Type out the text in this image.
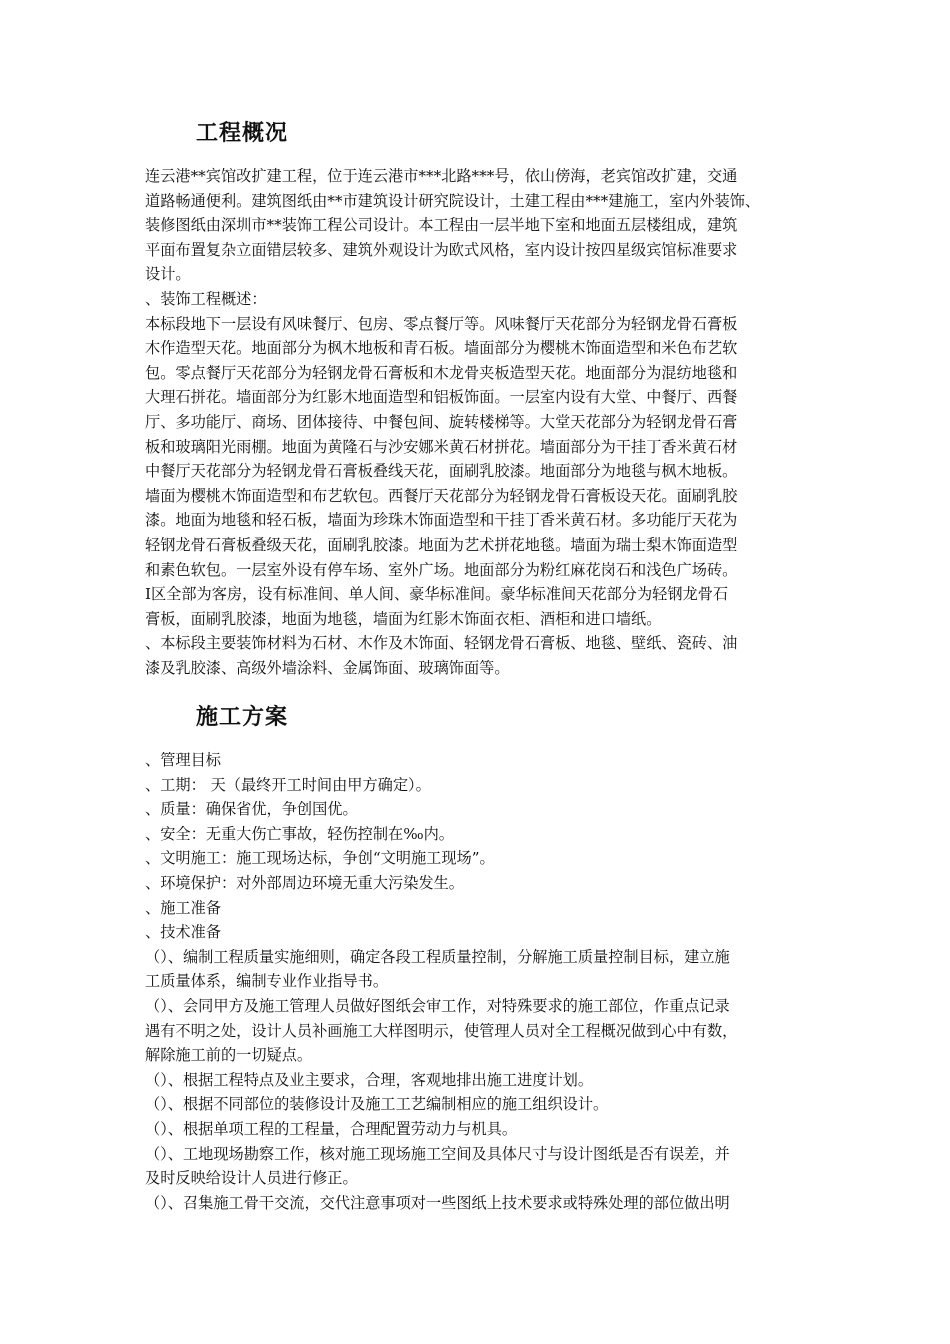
工程概况
连云港**宾馆改扩建工程，位于连云港市***北路***号，依山傍海，老宾馆改扩建，交通
道路畅通便利。建筑图纸由**市建筑设计研究院设计，土建工程由***建施工，室内外装饰、
装修图纸由深圳市**装饰工程公司设计。本工程由一层半地下室和地面五层楼组成，建筑
平面布置复杂立面错层较多、建筑外观设计为欧式风格，室内设计按四星级宾馆标准要求
设计。
、装饰工程概述：
本标段地下一层设有风味餐厅、包房、零点餐厅等。风味餐厅天花部分为轻钢龙骨石膏板
木作造型天花。地面部分为枫木地板和青石板。墙面部分为樱桃木饰面造型和米色布艺软
包。零点餐厅天花部分为轻钢龙骨石膏板和木龙骨夹板造型天花。地面部分为混纺地毯和
大理石拼花。墙面部分为红影木地面造型和铝板饰面。一层室内设有大堂、中餐厅、西餐
厅、多功能厅、商场、团体接待、中餐包间、旋转楼梯等。大堂天花部分为轻钢龙骨石膏
板和玻璃阳光雨棚。地面为黄隆石与沙安娜米黄石材拼花。墙面部分为干挂丁香米黄石材
中餐厅天花部分为轻钢龙骨石膏板叠线天花，面刷乳胶漆。地面部分为地毯与枫木地板。
墙面为樱桃木饰面造型和布艺软包。西餐厅天花部分为轻钢龙骨石膏板设天花。面刷乳胶
漆。地面为地毯和轻石板，墙面为珍珠木饰面造型和干挂丁香米黄石材。多功能厅天花为
轻钢龙骨石膏板叠级天花，面刷乳胶漆。地面为艺术拼花地毯。墙面为瑞士梨木饰面造型
和素色软包。一层室外设有停车场、室外广场。地面部分为粉红麻花岗石和浅色广场砖。
Ⅰ区全部为客房，设有标准间、单人间、豪华标准间。豪华标准间天花部分为轻钢龙骨石
膏板，面刷乳胶漆，地面为地毯，墙面为红影木饰面衣柜、酒柜和进口墙纸。
、本标段主要装饰材料为石材、木作及木饰面、轻钢龙骨石膏板、地毯、壁纸、瓷砖、油
漆及乳胶漆、高级外墙涂料、金属饰面、玻璃饰面等。
施工方案
、管理目标
、工期： 天（最终开工时间由甲方确定）。
、质量：确保省优，争创国优。
、安全：无重大伤亡事故，轻伤控制在‰内。
、文明施工：施工现场达标，争创“文明施工现场”。
、环境保护：对外部周边环境无重大污染发生。
、施工准备
、技术准备
（）、编制工程质量实施细则，确定各段工程质量控制，分解施工质量控制目标，建立施
工质量体系，编制专业作业指导书。
（）、会同甲方及施工管理人员做好图纸会审工作，对特殊要求的施工部位，作重点记录
遇有不明之处，设计人员补画施工大样图明示，使管理人员对全工程概况做到心中有数，
解除施工前的一切疑点。
（）、根据工程特点及业主要求，合理，客观地排出施工进度计划。
（）、根据不同部位的装修设计及施工工艺编制相应的施工组织设计。
（）、根据单项工程的工程量，合理配置劳动力与机具。
（）、工地现场勘察工作，核对施工现场施工空间及具体尺寸与设计图纸是否有误差，并
及时反映给设计人员进行修正。
（）、召集施工骨干交流，交代注意事项对一些图纸上技术要求或特殊处理的部位做出明
